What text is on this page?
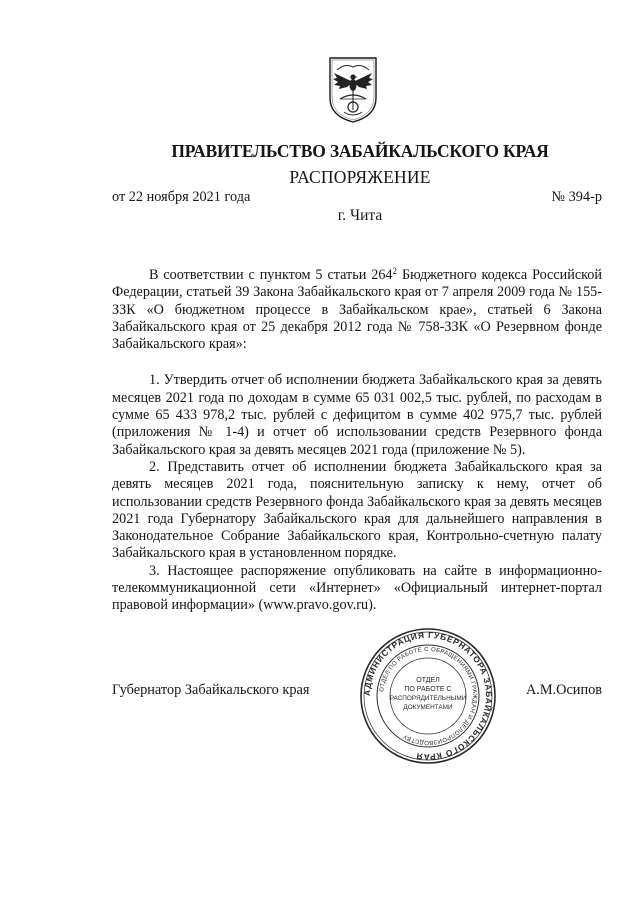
ПРАВИТЕЛЬСТВО ЗАБАЙКАЛЬСКОГО КРАЯ
РАСПОРЯЖЕНИЕ
от 22 ноября 2021 года	№ 394-р
г. Чита

В соответствии с пунктом 5 статьи $264^2$ Бюджетного кодекса Российской Федерации, статьей 39 Закона Забайкальского края от 7 апреля 2009 года № 155-ЗЗК «О бюджетном процессе в Забайкальском крае», статьей 6 Закона Забайкальского края от 25 декабря 2012 года № 758-ЗЗК «О Резервном фонде Забайкальского края»:

1. Утвердить отчет об исполнении бюджета Забайкальского края за девять месяцев 2021 года по доходам в сумме 65 031 002,5 тыс. рублей, по расходам в сумме 65 433 978,2 тыс. рублей с дефицитом в сумме 402 975,7 тыс. рублей (приложения № 1-4) и отчет об использовании средств Резервного фонда Забайкальского края за девять месяцев 2021 года (приложение № 5).

2. Представить отчет об исполнении бюджета Забайкальского края за девять месяцев 2021 года, пояснительную записку к нему, отчет об использовании средств Резервного фонда Забайкальского края за девять месяцев 2021 года Губернатору Забайкальского края для дальнейшего направления в Законодательное Собрание Забайкальского края, Контрольно-счетную палату Забайкальского края в установленном порядке.

3. Настоящее распоряжение опубликовать на сайте в информационно-телекоммуникационной сети «Интернет» «Официальный интернет-портал правовой информации» (www.pravo.gov.ru).

Губернатор Забайкальского края	А.М.Осипов
АДМИНИСТРАЦИЯ ГУБЕРНАТОРА ЗАБАЙКАЛЬСКОГО КРАЯ
ОТДЕЛ ПО РАБОТЕ С ОБРАЩЕНИЯМИ ГРАЖДАН И ДЕЛОПРОИЗВОДСТВУ
ОТДЕЛ
ПО РАБОТЕ С
РАСПОРЯДИТЕЛЬНЫМИ
ДОКУМЕНТАМИ
